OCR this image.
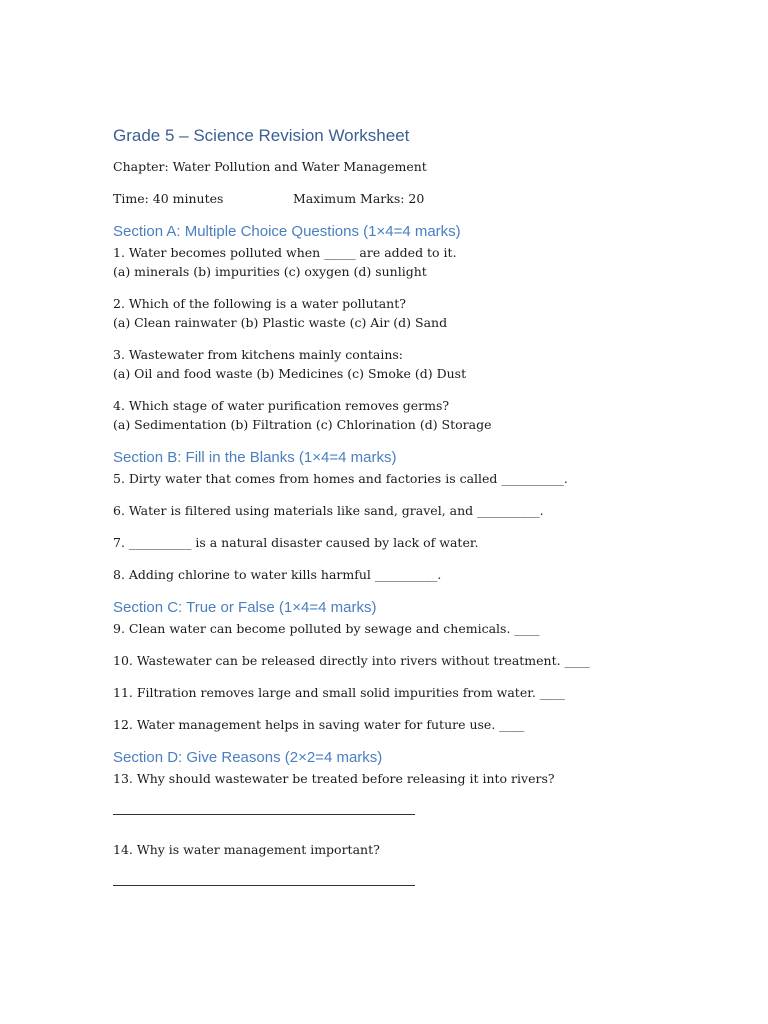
Grade 5 – Science Revision Worksheet

Chapter: Water Pollution and Water Management

Time: 40 minutes	Maximum Marks: 20
Section A: Multiple Choice Questions (1×4=4 marks)

1. Water becomes polluted when _____ are added to it.

(a) minerals (b) impurities (c) oxygen (d) sunlight

2. Which of the following is a water pollutant?

(a) Clean rainwater (b) Plastic waste (c) Air (d) Sand

3. Wastewater from kitchens mainly contains:

(a) Oil and food waste (b) Medicines (c) Smoke (d) Dust

4. Which stage of water purification removes germs?

(a) Sedimentation (b) Filtration (c) Chlorination (d) Storage

Section B: Fill in the Blanks (1×4=4 marks)

5. Dirty water that comes from homes and factories is called __________.

6. Water is filtered using materials like sand, gravel, and __________.

7. __________ is a natural disaster caused by lack of water.

8. Adding chlorine to water kills harmful __________.

Section C: True or False (1×4=4 marks)

9. Clean water can become polluted by sewage and chemicals. ____

10. Wastewater can be released directly into rivers without treatment. ____

11. Filtration removes large and small solid impurities from water. ____

12. Water management helps in saving water for future use. ____

Section D: Give Reasons (2×2=4 marks)

13. Why should wastewater be treated before releasing it into rivers?

14. Why is water management important?
